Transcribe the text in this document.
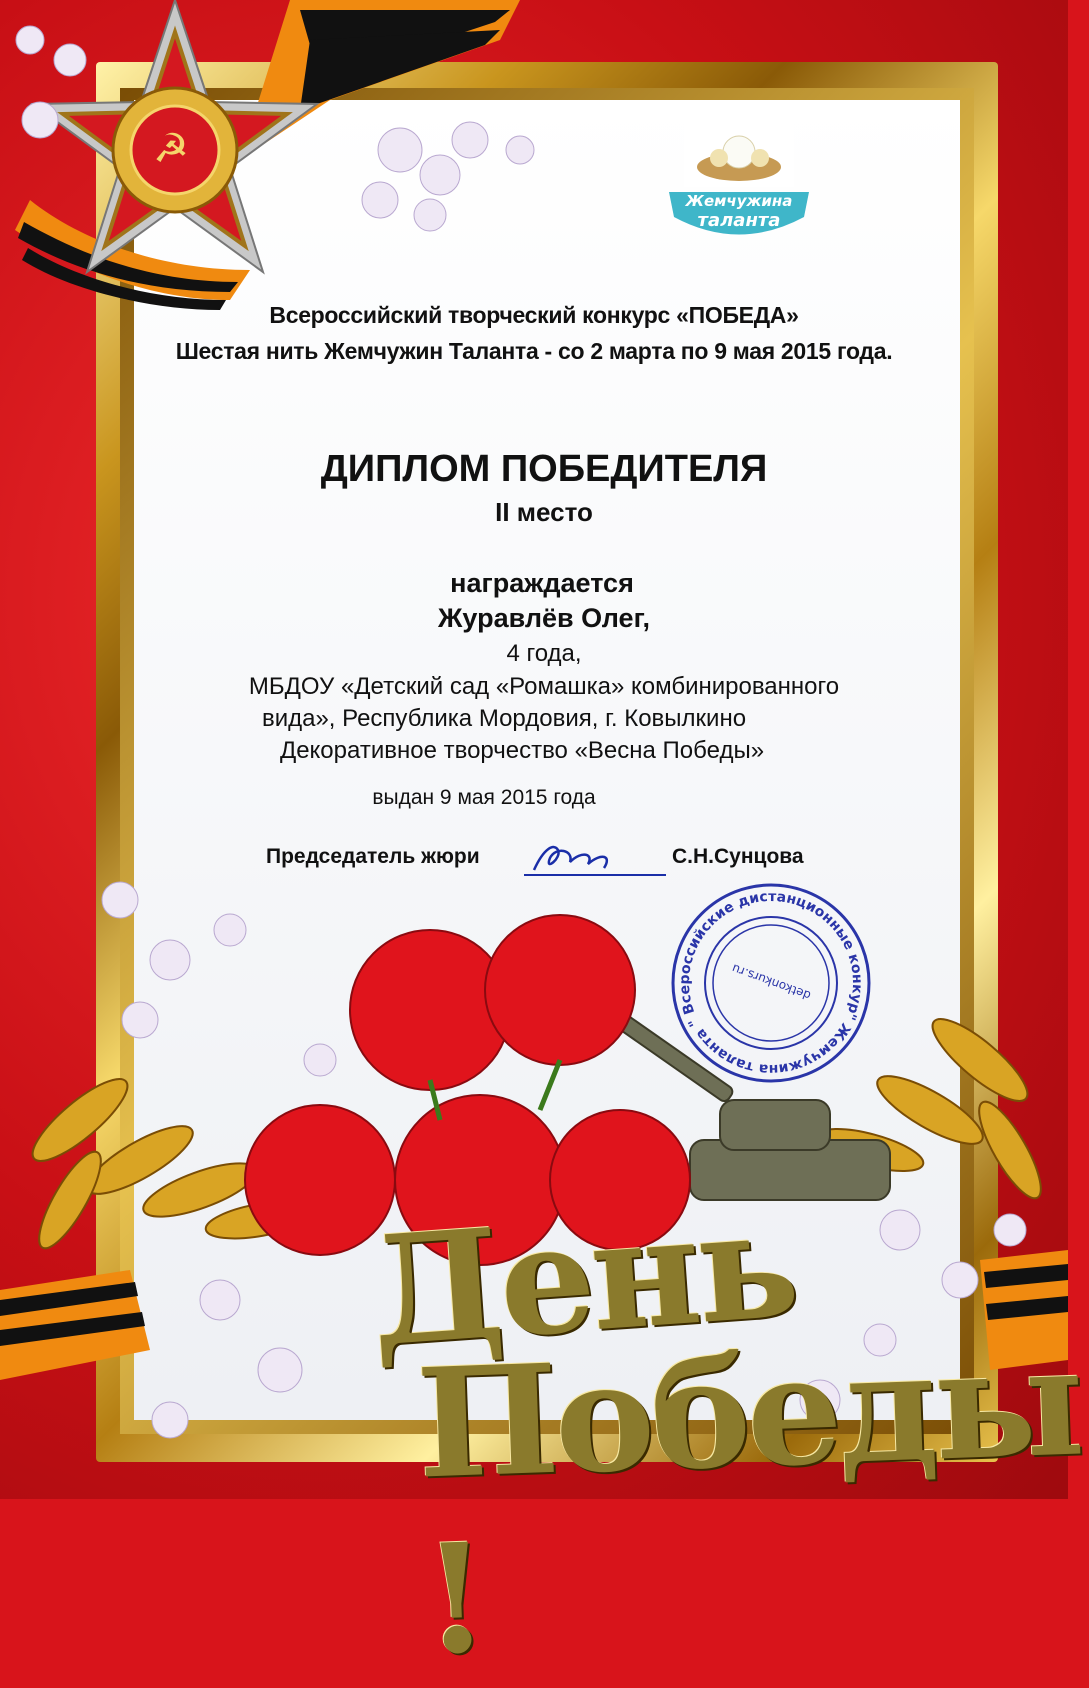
☭
Жемчужина
таланта
Всероссийский творческий конкурс «ПОБЕДА»
Шестая нить Жемчужин Таланта - со 2 марта по 9 мая 2015 года.
ДИПЛОМ ПОБЕДИТЕЛЯ
II место
награждается
Журавлёв Олег,
4 года,
МБДОУ «Детский сад «Ромашка» комбинированного
вида», Республика Мордовия, г. Ковылкино
Декоративное творчество «Весна Победы»
выдан 9 мая 2015 года
Председатель жюри	С.Н.Сунцова
" Жемчужина таланта " Всероссийские дистанционные конкурсы
detkonkurs.ru
День
Победы !
